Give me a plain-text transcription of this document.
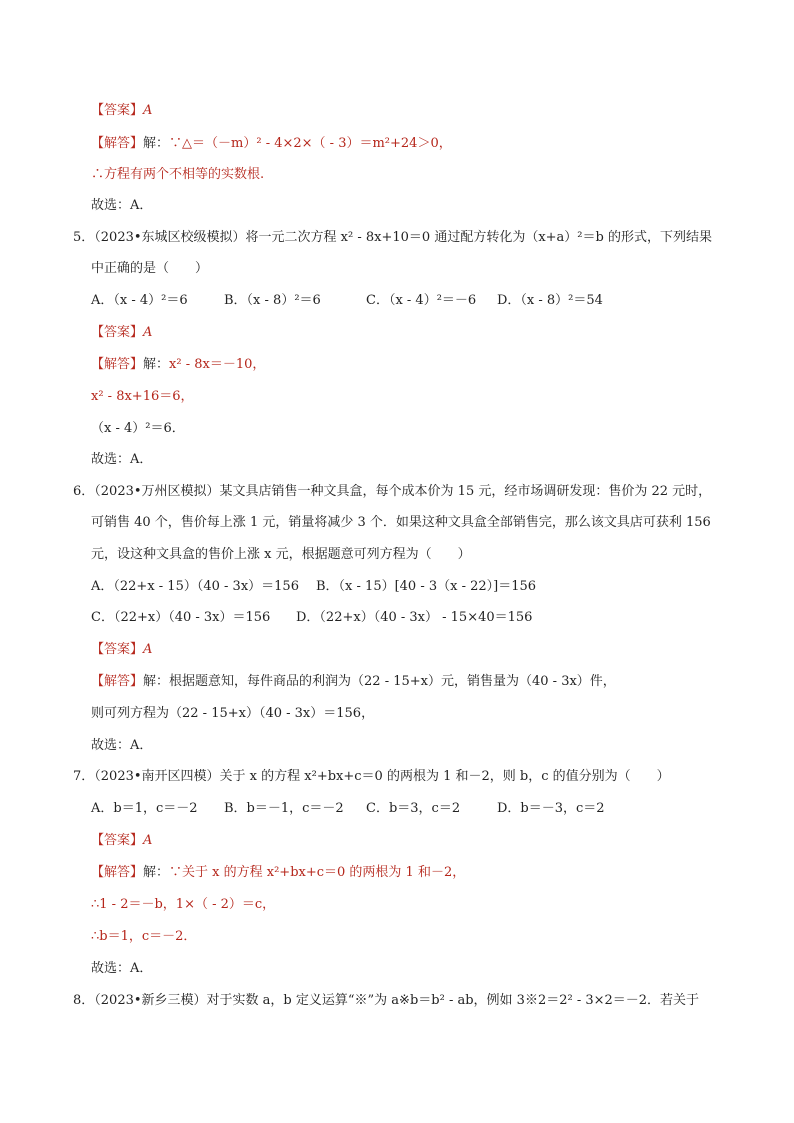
【答案】A
【解答】解：∵△＝（－m）² - 4×2×（ - 3）＝m²+24＞0，
∴方程有两个不相等的实数根.
故选：A．
5．（2023•东城区校级模拟）将一元二次方程 x² - 8x+10＝0 通过配方转化为（x+a）²＝b 的形式，下列结果
中正确的是（　　）
A．（x - 4）²＝6	B．（x - 8）²＝6	C．（x - 4）²＝－6 D．（x - 8）²＝54
【答案】A
【解答】解：x² - 8x＝－10，
x² - 8x+16＝6，
（x - 4）²＝6．
故选：A．
6．（2023•万州区模拟）某文具店销售一种文具盒，每个成本价为 15 元，经市场调研发现：售价为 22 元时，
可销售 40 个，售价每上涨 1 元，销量将减少 3 个．如果这种文具盒全部销售完，那么该文具店可获利 156
元，设这种文具盒的售价上涨 x 元，根据题意可列方程为（　　）
A．（22+x - 15）（40 - 3x）＝156 B．（x - 15）[40 - 3（x - 22）]＝156
C．（22+x）（40 - 3x）＝156 D．（22+x）（40 - 3x） - 15×40＝156
【答案】A
【解答】解：根据题意知，每件商品的利润为（22 - 15+x）元，销售量为（40 - 3x）件，
则可列方程为（22 - 15+x）（40 - 3x）＝156，
故选：A．
7．（2023•南开区四模）关于 x 的方程 x²+bx+c＝0 的两根为 1 和－2，则 b，c 的值分别为（　　）
A．b＝1，c＝－2 B．b＝－1，c＝－2 C．b＝3，c＝2	D．b＝－3，c＝2
【答案】A
【解答】解：∵关于 x 的方程 x²+bx+c＝0 的两根为 1 和－2，
∴1 - 2＝－b，1×（ - 2）＝c，
∴b＝1，c＝－2．
故选：A．
8．（2023•新乡三模）对于实数 a，b 定义运算“※”为 a※b＝b² - ab，例如 3※2＝2² - 3×2＝－2．若关于
